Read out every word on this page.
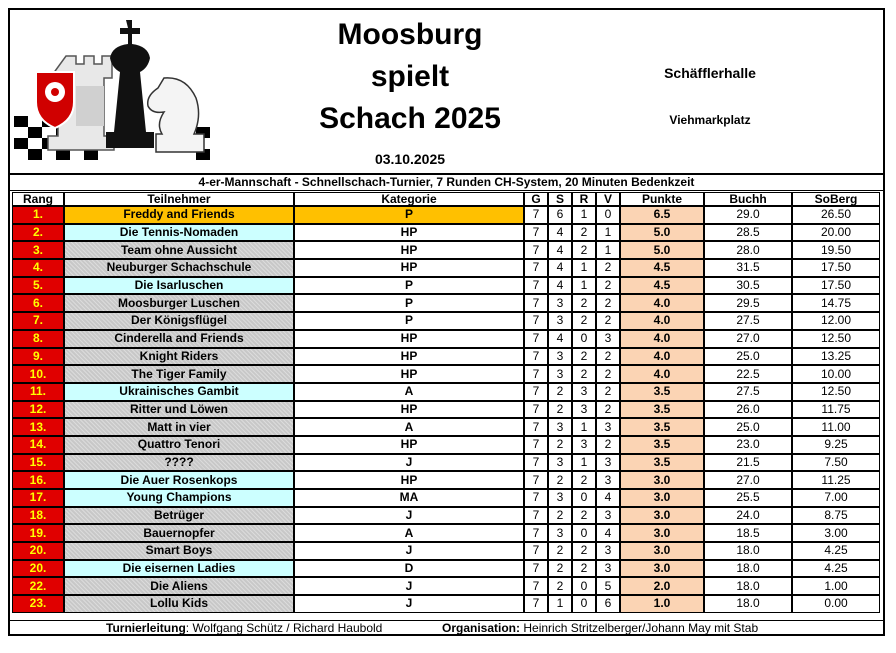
Moosburg
spielt
Schach 2025
03.10.2025
Schäfflerhalle
Viehmarkplatz
4-er-Mannschaft - Schnellschach-Turnier, 7 Runden CH-System, 20 Minuten Bedenkzeit
Rang	Teilnehmer	Kategorie	G	S	R	V	Punkte	Buchh	SoBerg
1.	Freddy and Friends	P	7	6	1	0	6.5	29.0	26.50
2.	Die Tennis-Nomaden	HP	7	4	2	1	5.0	28.5	20.00
3.	Team ohne Aussicht	HP	7	4	2	1	5.0	28.0	19.50
4.	Neuburger Schachschule	HP	7	4	1	2	4.5	31.5	17.50
5.	Die Isarluschen	P	7	4	1	2	4.5	30.5	17.50
6.	Moosburger Luschen	P	7	3	2	2	4.0	29.5	14.75
7.	Der Königsflügel	P	7	3	2	2	4.0	27.5	12.00
8.	Cinderella and Friends	HP	7	4	0	3	4.0	27.0	12.50
9.	Knight Riders	HP	7	3	2	2	4.0	25.0	13.25
10.	The Tiger Family	HP	7	3	2	2	4.0	22.5	10.00
11.	Ukrainisches Gambit	A	7	2	3	2	3.5	27.5	12.50
12.	Ritter und Löwen	HP	7	2	3	2	3.5	26.0	11.75
13.	Matt in vier	A	7	3	1	3	3.5	25.0	11.00
14.	Quattro Tenori	HP	7	2	3	2	3.5	23.0	9.25
15.	????	J	7	3	1	3	3.5	21.5	7.50
16.	Die Auer Rosenkops	HP	7	2	2	3	3.0	27.0	11.25
17.	Young Champions	MA	7	3	0	4	3.0	25.5	7.00
18.	Betrüger	J	7	2	2	3	3.0	24.0	8.75
19.	Bauernopfer	A	7	3	0	4	3.0	18.5	3.00
20.	Smart Boys	J	7	2	2	3	3.0	18.0	4.25
20.	Die eisernen Ladies	D	7	2	2	3	3.0	18.0	4.25
22.	Die Aliens	J	7	2	0	5	2.0	18.0	1.00
23.	Lollu Kids	J	7	1	0	6	1.0	18.0	0.00
Turnierleitung: Wolfgang Schütz / Richard Haubold	Organisation: Heinrich Stritzelberger/Johann May mit Stab
